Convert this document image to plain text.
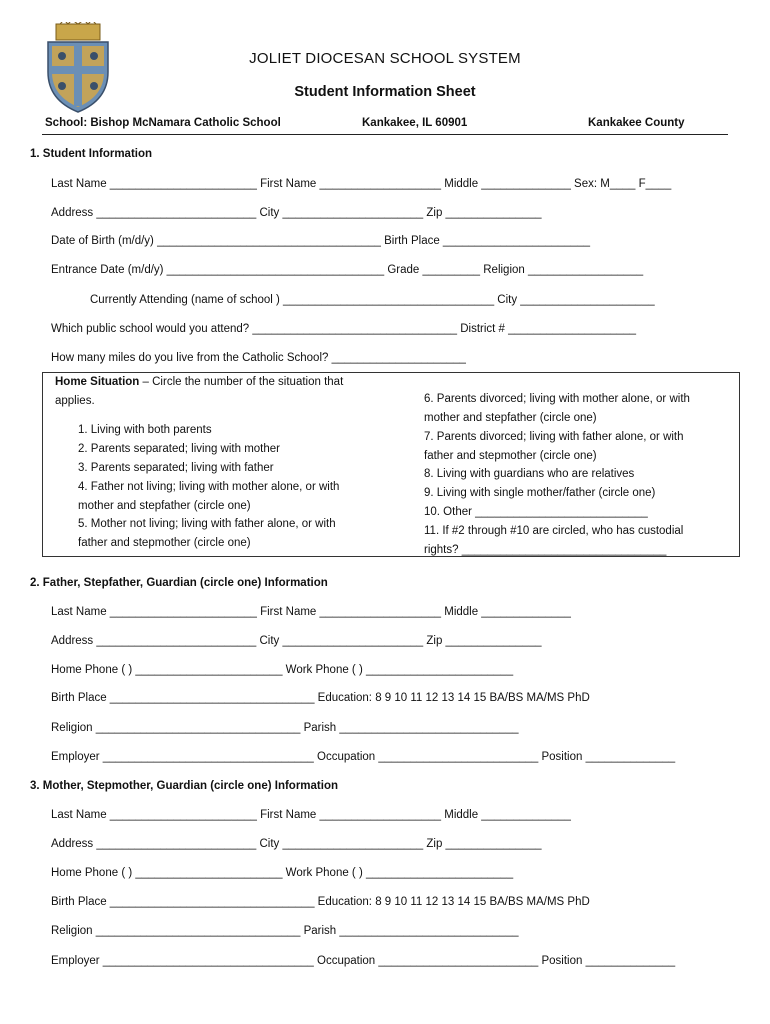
JOLIET DIOCESAN SCHOOL SYSTEM
Student Information Sheet
School: Bishop McNamara Catholic School	Kankakee, IL 60901	Kankakee County
1. Student Information
Last Name _______________________ First Name ___________________ Middle ______________ Sex: M____ F____
Address _________________________ City ______________________ Zip _______________
Date of Birth (m/d/y) ___________________________________ Birth Place _______________________
Entrance Date (m/d/y) __________________________________ Grade _________ Religion __________________
Currently Attending (name of school ) _________________________________ City _____________________
Which public school would you attend? ________________________________ District # ____________________
How many miles do you live from the Catholic School? _____________________
Home Situation – Circle the number of the situation that
applies.
1. Living with both parents
2. Parents separated; living with mother
3. Parents separated; living with father
4. Father not living; living with mother alone, or with
mother and stepfather (circle one)
5. Mother not living; living with father alone, or with
father and stepmother (circle one)
6. Parents divorced; living with mother alone, or with
mother and stepfather (circle one)
7. Parents divorced; living with father alone, or with
father and stepmother (circle one)
8. Living with guardians who are relatives
9. Living with single mother/father (circle one)
10. Other ___________________________
11. If #2 through #10 are circled, who has custodial
rights? ________________________________
2. Father, Stepfather, Guardian (circle one) Information
Last Name _______________________ First Name ___________________ Middle ______________
Address _________________________ City ______________________ Zip _______________
Home Phone ( ) _______________________ Work Phone ( ) _______________________
Birth Place ________________________________ Education: 8 9 10 11 12 13 14 15 BA/BS MA/MS PhD
Religion ________________________________ Parish ____________________________
Employer _________________________________ Occupation _________________________ Position ______________
3. Mother, Stepmother, Guardian (circle one) Information
Last Name _______________________ First Name ___________________ Middle ______________
Address _________________________ City ______________________ Zip _______________
Home Phone ( ) _______________________ Work Phone ( ) _______________________
Birth Place ________________________________ Education: 8 9 10 11 12 13 14 15 BA/BS MA/MS PhD
Religion ________________________________ Parish ____________________________
Employer _________________________________ Occupation _________________________ Position ______________
